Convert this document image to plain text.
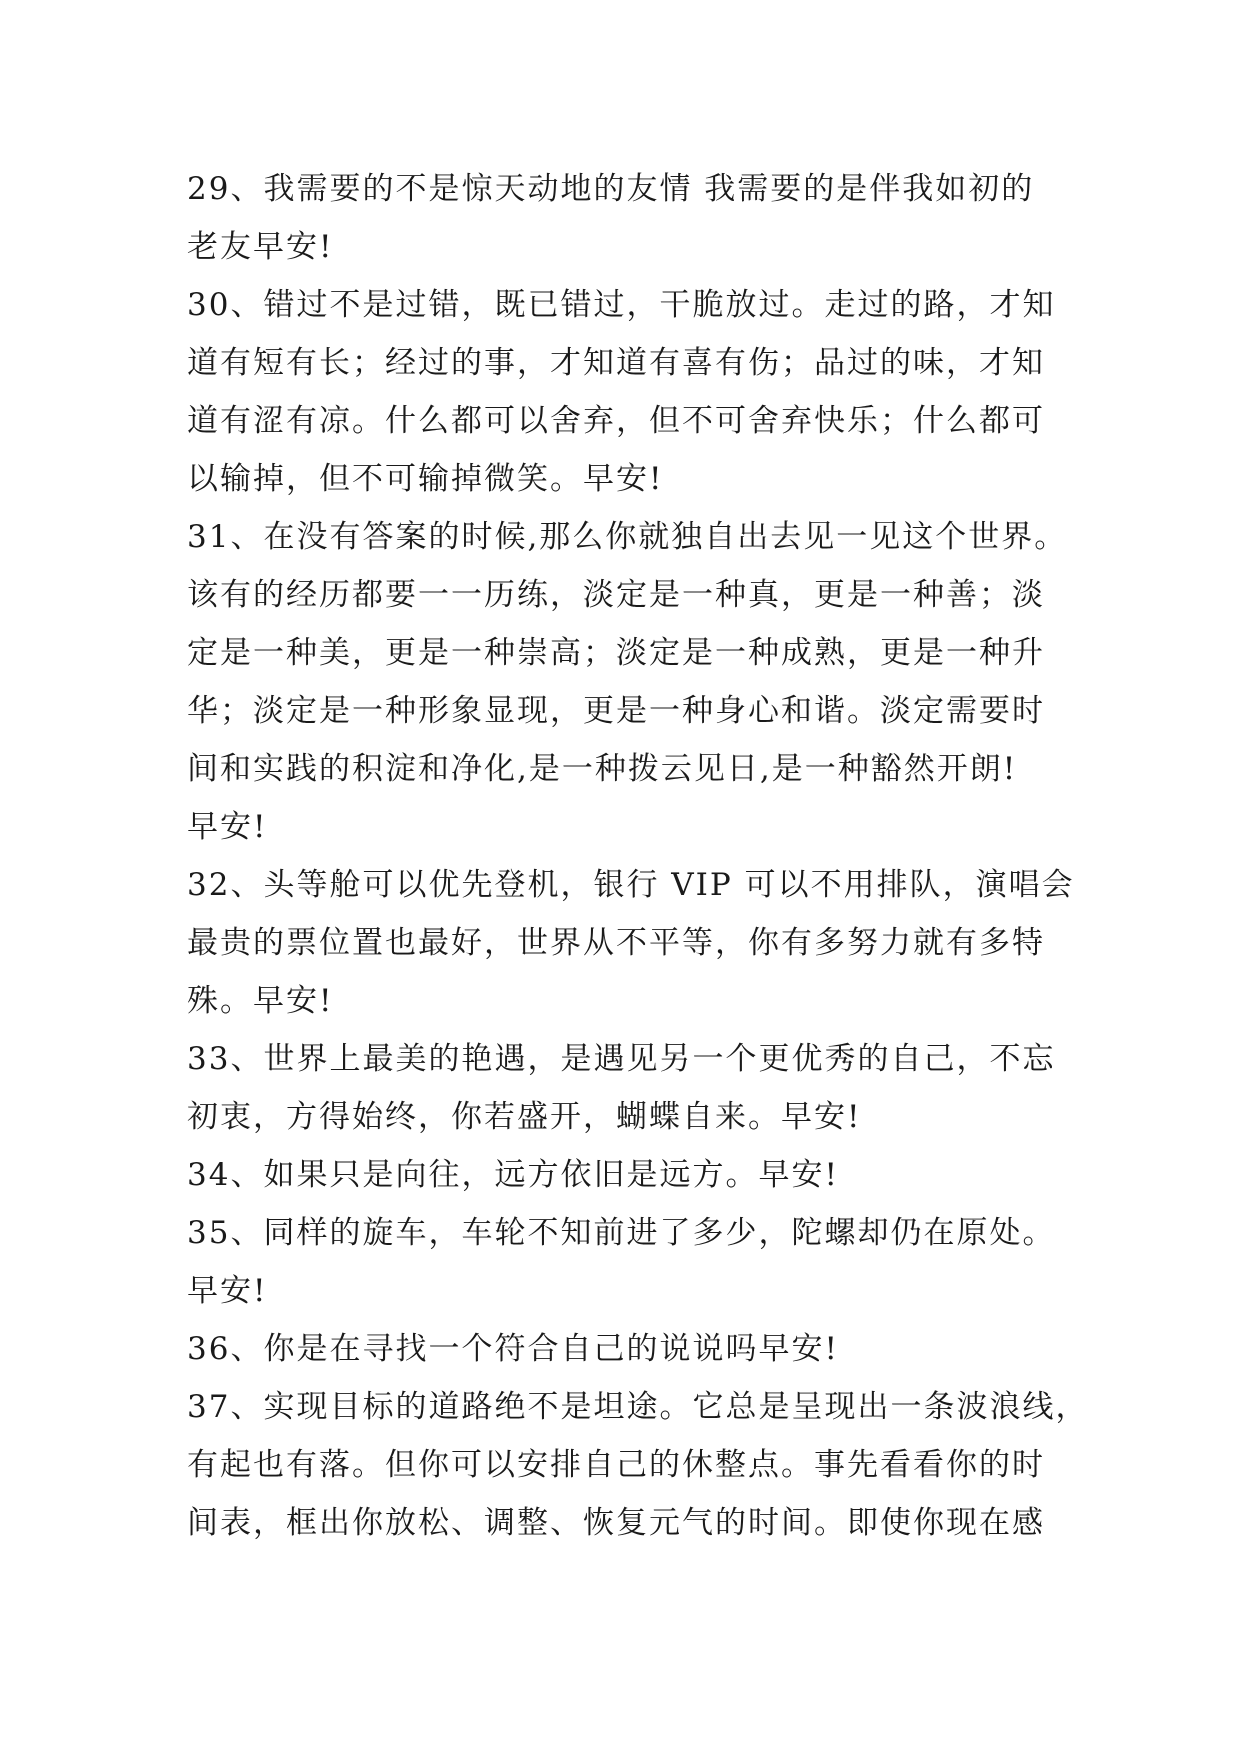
29、我需要的不是惊天动地的友情 我需要的是伴我如初的
老友早安!
30、错过不是过错，既已错过，干脆放过。走过的路，才知
道有短有长；经过的事，才知道有喜有伤；品过的味，才知
道有涩有凉。什么都可以舍弃，但不可舍弃快乐；什么都可
以输掉，但不可输掉微笑。早安!
31、在没有答案的时候,那么你就独自出去见一见这个世界。
该有的经历都要一一历练，淡定是一种真，更是一种善；淡
定是一种美，更是一种崇高；淡定是一种成熟，更是一种升
华；淡定是一种形象显现，更是一种身心和谐。淡定需要时
间和实践的积淀和净化,是一种拨云见日,是一种豁然开朗!
早安!
32、头等舱可以优先登机，银行 VIP 可以不用排队，演唱会
最贵的票位置也最好，世界从不平等，你有多努力就有多特
殊。早安!
33、世界上最美的艳遇，是遇见另一个更优秀的自己，不忘
初衷，方得始终，你若盛开，蝴蝶自来。早安!
34、如果只是向往，远方依旧是远方。早安!
35、同样的旋车，车轮不知前进了多少，陀螺却仍在原处。
早安!
36、你是在寻找一个符合自己的说说吗早安!
37、实现目标的道路绝不是坦途。它总是呈现出一条波浪线，
有起也有落。但你可以安排自己的休整点。事先看看你的时
间表，框出你放松、调整、恢复元气的时间。即使你现在感
